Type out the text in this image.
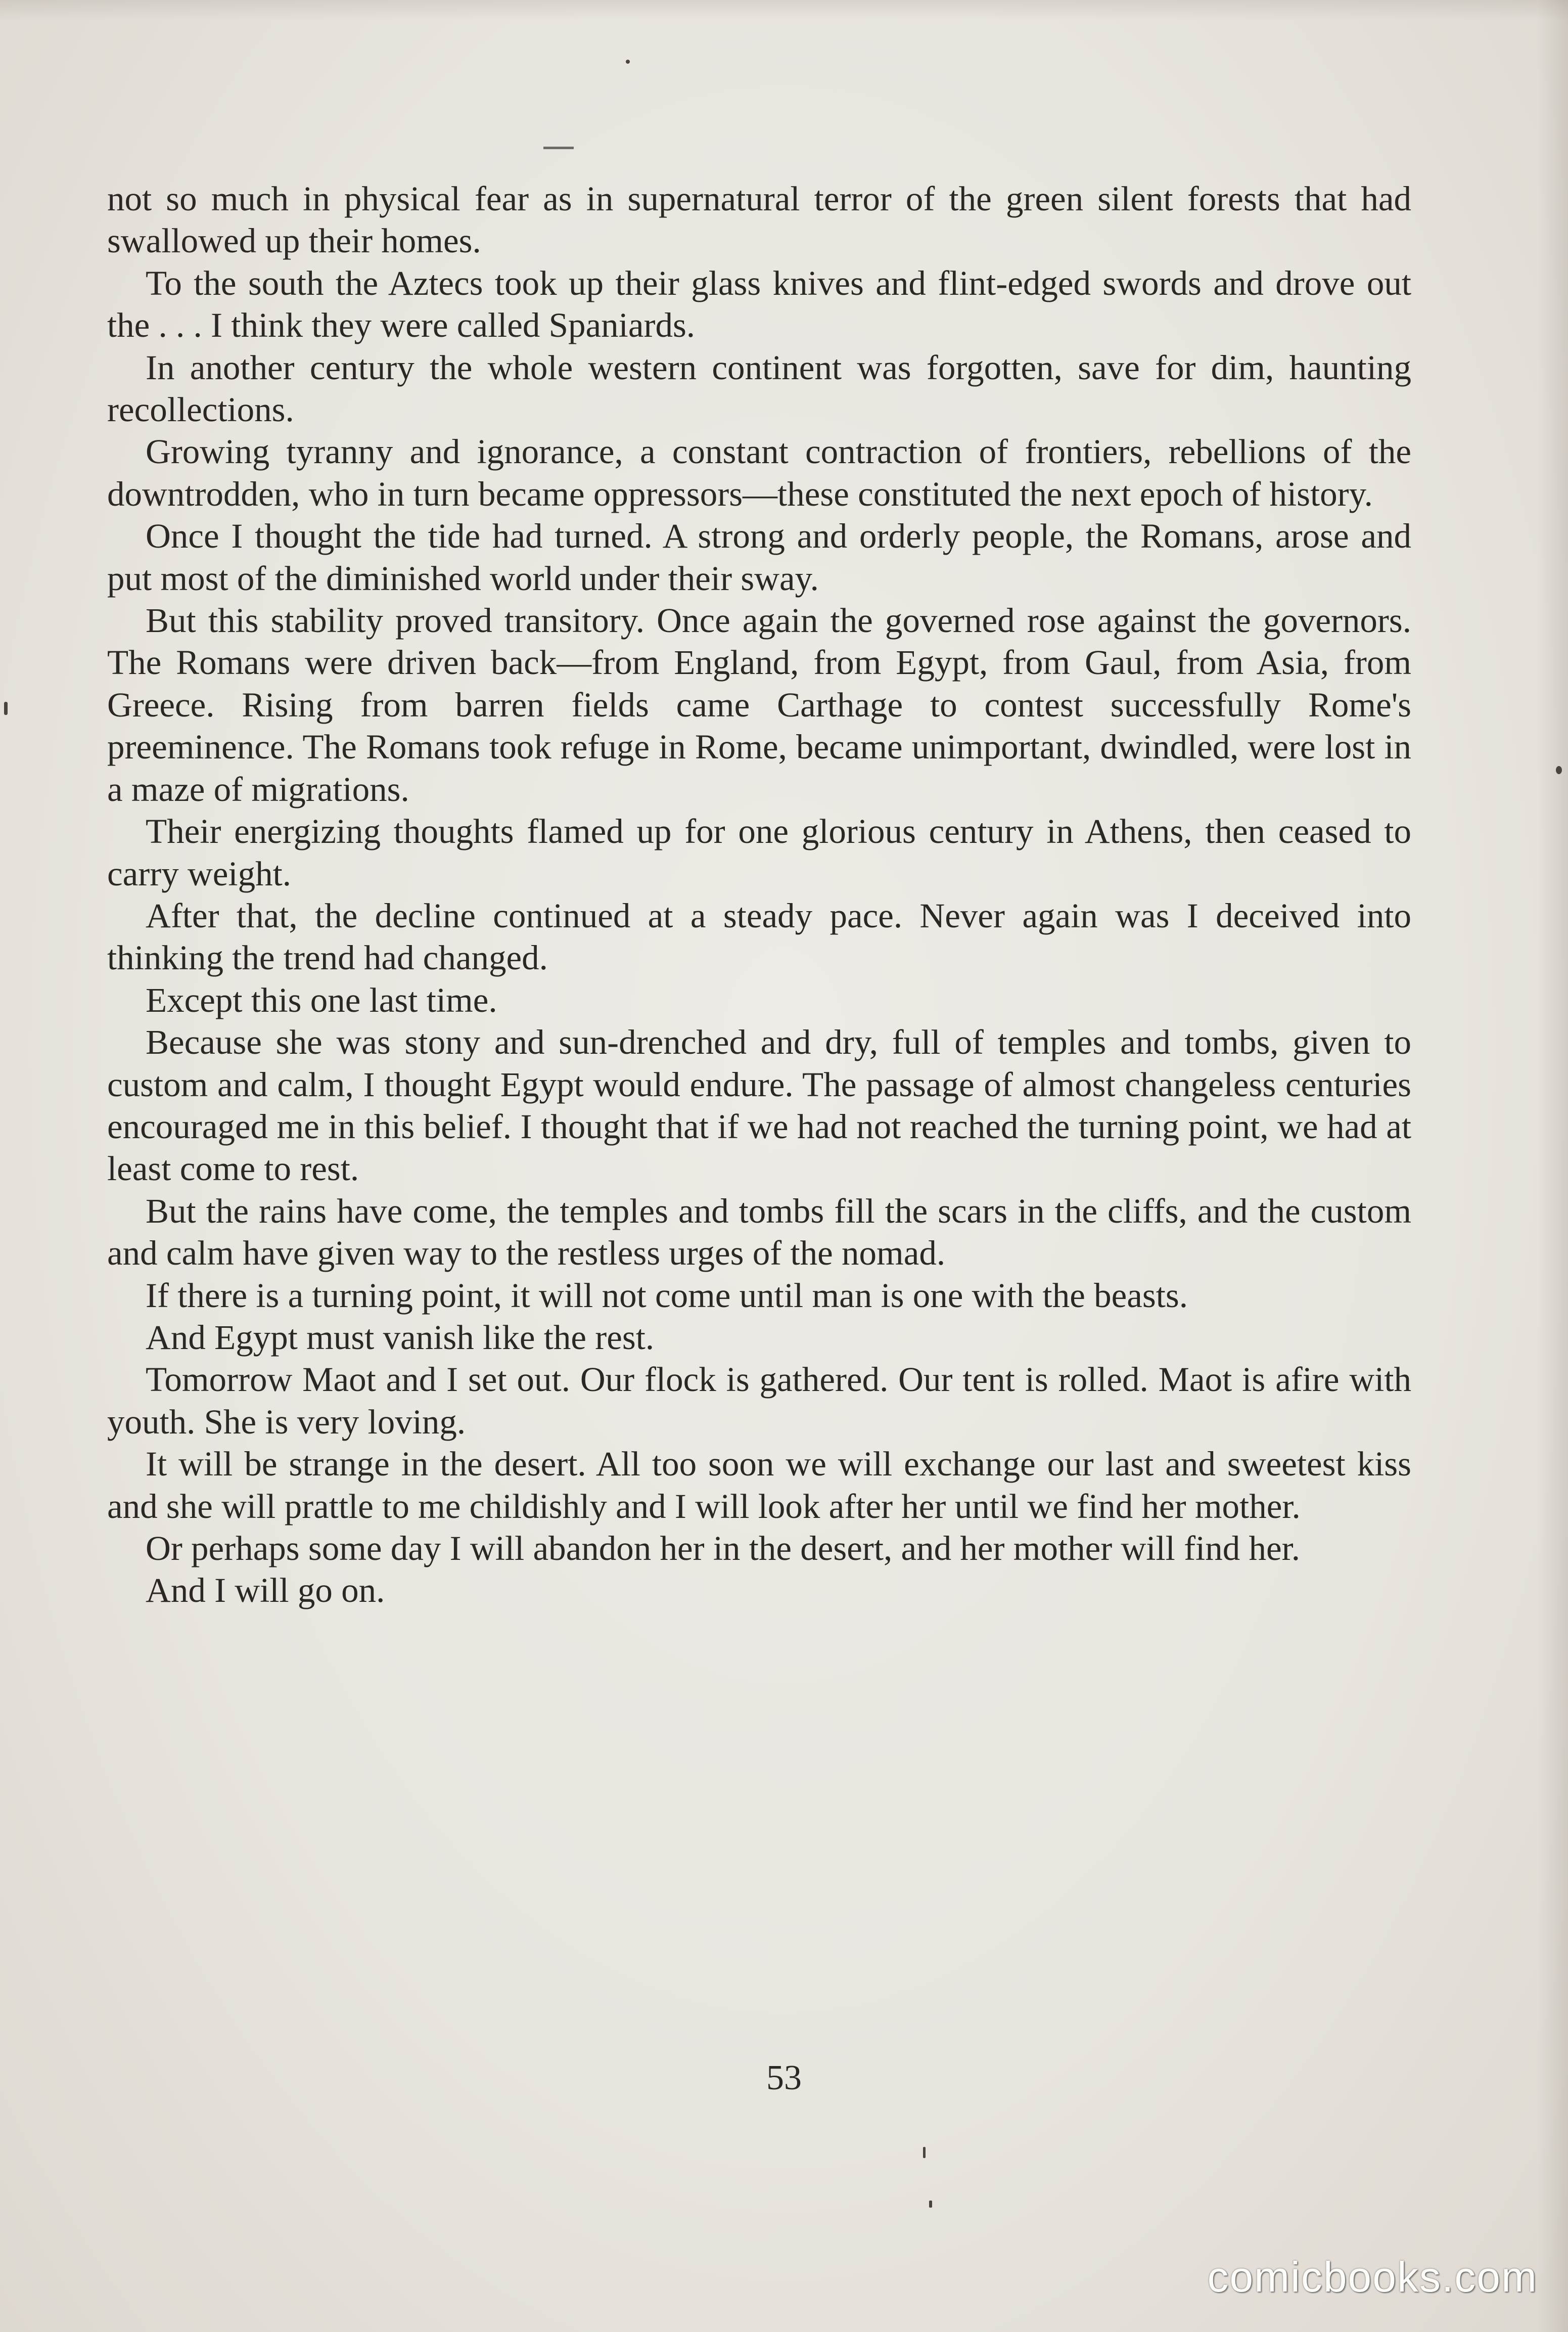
not so much in physical fear as in supernatural terror of the green silent forests that had swallowed up their homes.

To the south the Aztecs took up their glass knives and flint-edged swords and drove out the . . . I think they were called Spaniards.

In another century the whole western continent was forgotten, save for dim, haunting recollections.

Growing tyranny and ignorance, a constant contraction of frontiers, rebellions of the downtrodden, who in turn became oppressors—these constituted the next epoch of history.

Once I thought the tide had turned. A strong and orderly people, the Romans, arose and put most of the diminished world under their sway.

But this stability proved transitory. Once again the governed rose against the governors. The Romans were driven back—from England, from Egypt, from Gaul, from Asia, from Greece. Rising from barren fields came Carthage to contest successfully Rome's preeminence. The Romans took refuge in Rome, became unimportant, dwindled, were lost in a maze of migrations.

Their energizing thoughts flamed up for one glorious century in Athens, then ceased to carry weight.

After that, the decline continued at a steady pace. Never again was I deceived into thinking the trend had changed.

Except this one last time.

Because she was stony and sun-drenched and dry, full of temples and tombs, given to custom and calm, I thought Egypt would endure. The passage of almost changeless centuries encouraged me in this belief. I thought that if we had not reached the turning point, we had at least come to rest.

But the rains have come, the temples and tombs fill the scars in the cliffs, and the custom and calm have given way to the restless urges of the nomad.

If there is a turning point, it will not come until man is one with the beasts.

And Egypt must vanish like the rest.

Tomorrow Maot and I set out. Our flock is gathered. Our tent is rolled. Maot is afire with youth. She is very loving.

It will be strange in the desert. All too soon we will exchange our last and sweetest kiss and she will prattle to me childishly and I will look after her until we find her mother.

Or perhaps some day I will abandon her in the desert, and her mother will find her.

And I will go on.

53
comicbooks.com
